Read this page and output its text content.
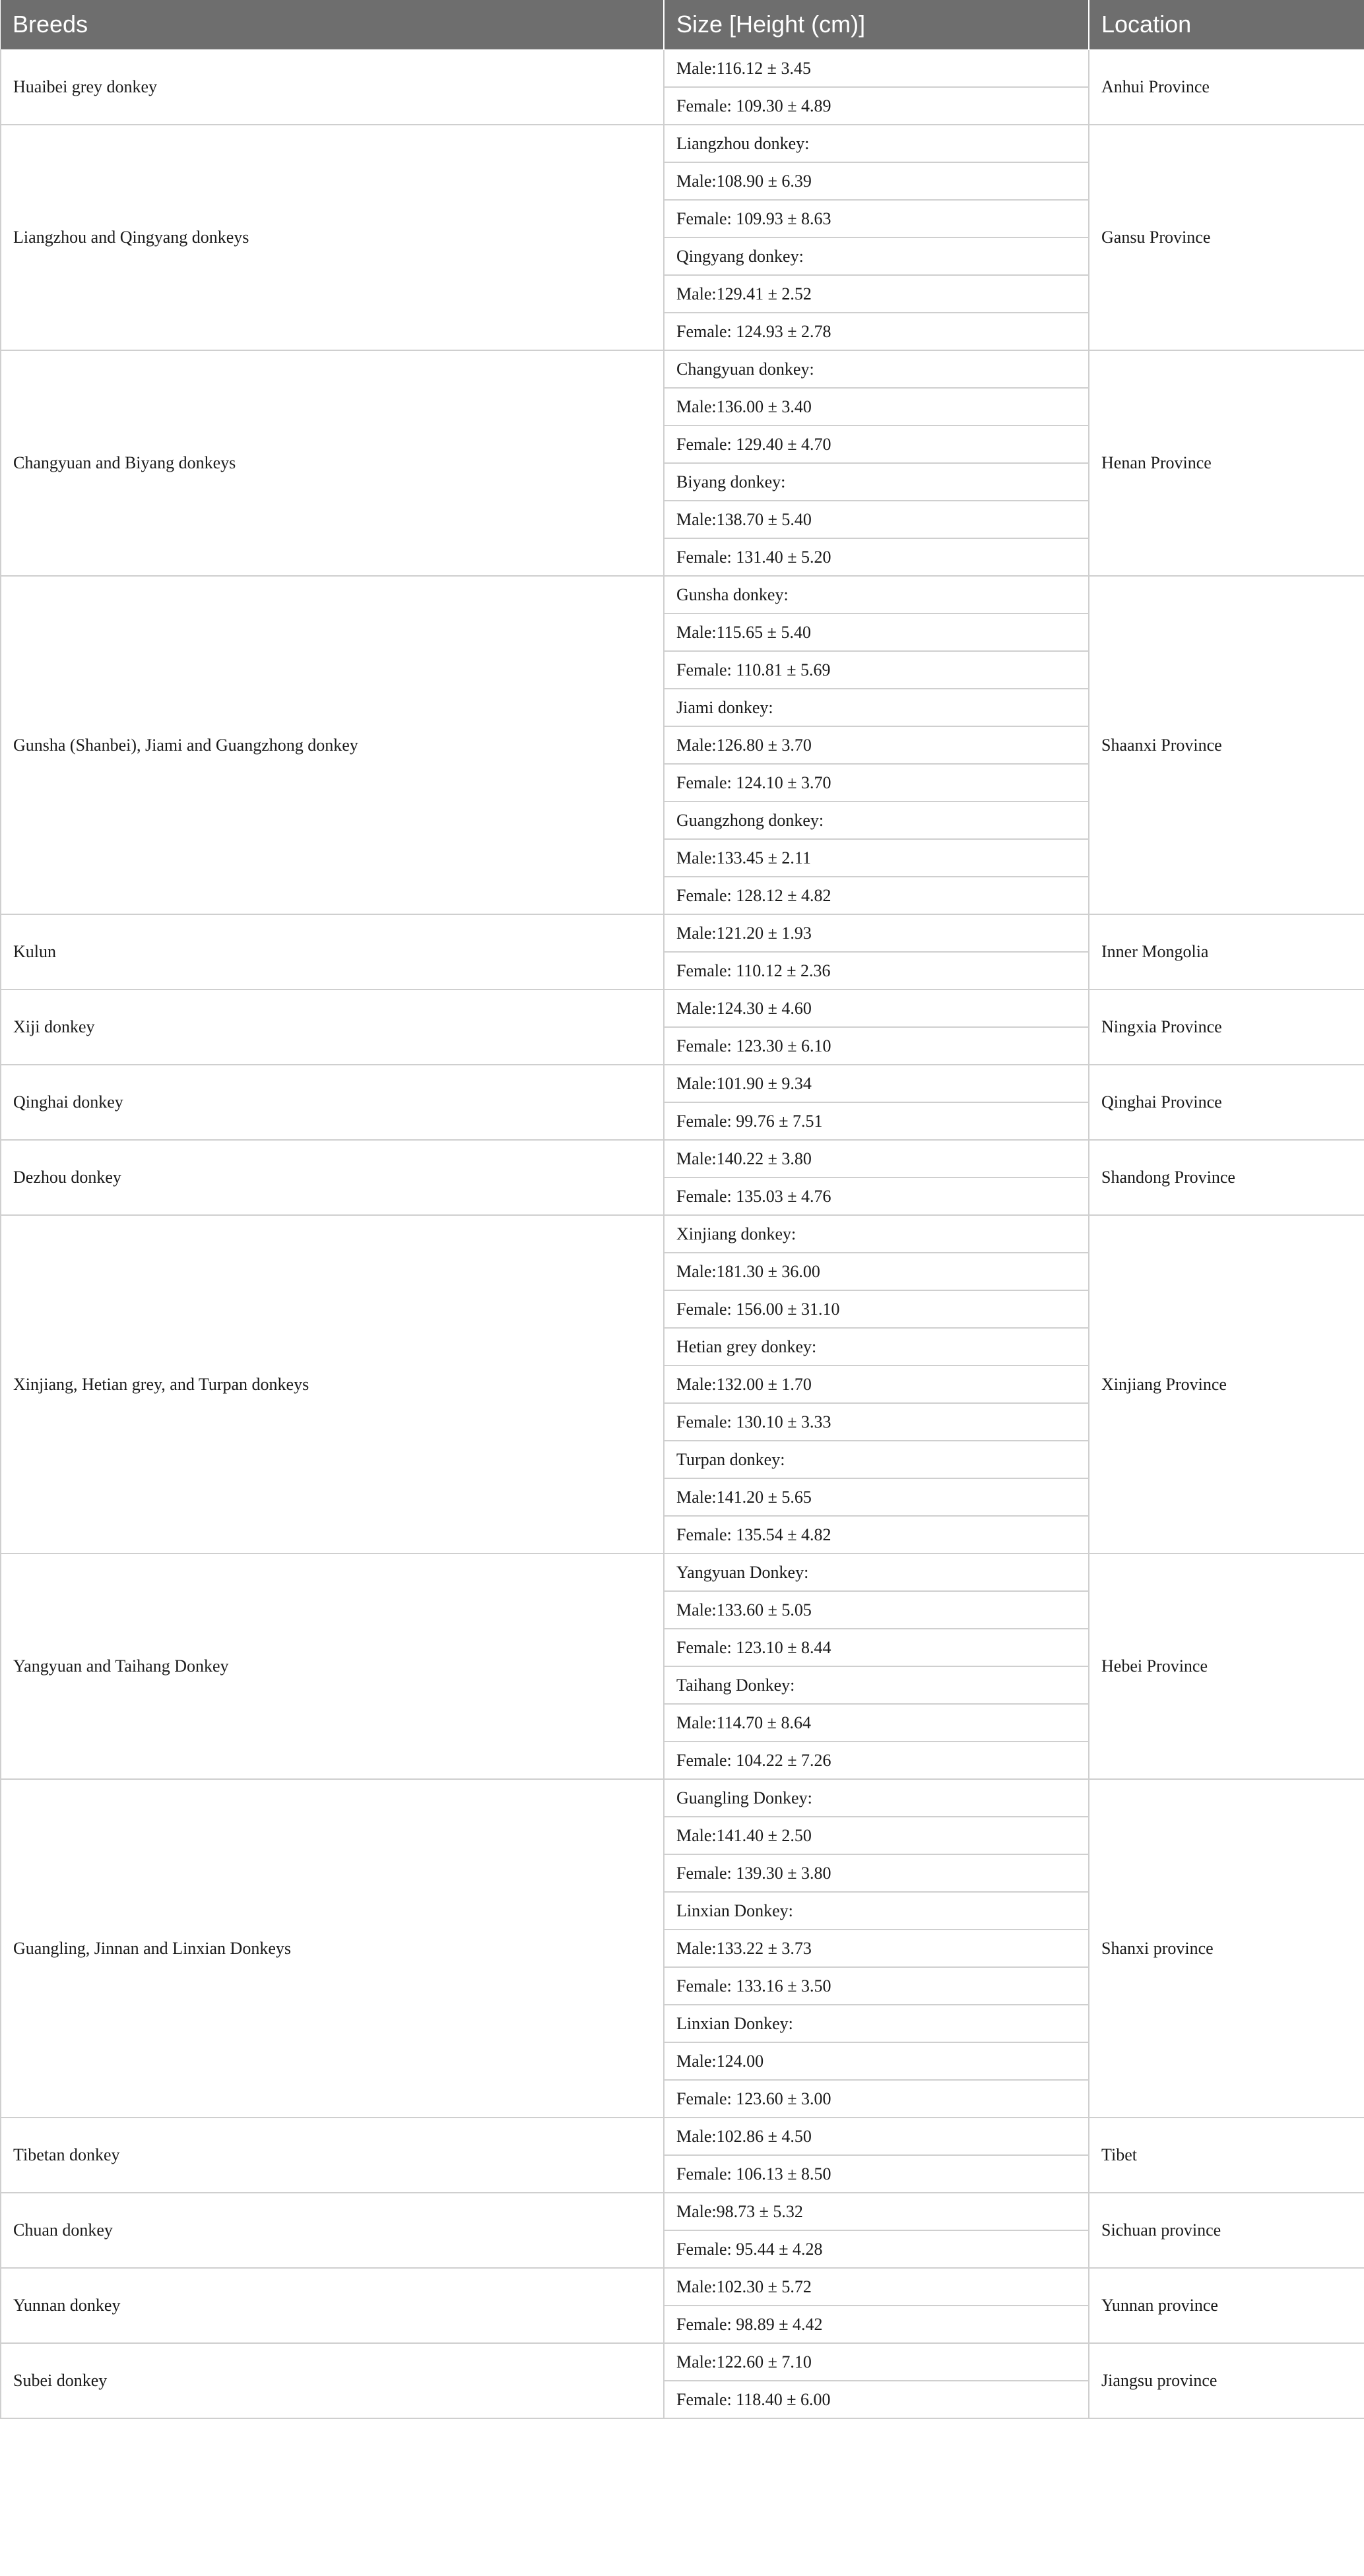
Breeds	Size [Height (cm)]	Location
Huaibei grey donkey	Male:116.12 ± 3.45	Anhui Province
	Female: 109.30 ± 4.89	
Liangzhou and Qingyang donkeys	Liangzhou donkey:	Gansu Province
	Male:108.90 ± 6.39	
	Female: 109.93 ± 8.63	
	Qingyang donkey:	
	Male:129.41 ± 2.52	
	Female: 124.93 ± 2.78	
Changyuan and Biyang donkeys	Changyuan donkey:	Henan Province
	Male:136.00 ± 3.40	
	Female: 129.40 ± 4.70	
	Biyang donkey:	
	Male:138.70 ± 5.40	
	Female: 131.40 ± 5.20	
Gunsha (Shanbei), Jiami and Guangzhong donkey	Gunsha donkey:	Shaanxi Province
	Male:115.65 ± 5.40	
	Female: 110.81 ± 5.69	
	Jiami donkey:	
	Male:126.80 ± 3.70	
	Female: 124.10 ± 3.70	
	Guangzhong donkey:	
	Male:133.45 ± 2.11	
	Female: 128.12 ± 4.82	
Kulun	Male:121.20 ± 1.93	Inner Mongolia
	Female: 110.12 ± 2.36	
Xiji donkey	Male:124.30 ± 4.60	Ningxia Province
	Female: 123.30 ± 6.10	
Qinghai donkey	Male:101.90 ± 9.34	Qinghai Province
	Female: 99.76 ± 7.51	
Dezhou donkey	Male:140.22 ± 3.80	Shandong Province
	Female: 135.03 ± 4.76	
Xinjiang, Hetian grey, and Turpan donkeys	Xinjiang donkey:	Xinjiang Province
	Male:181.30 ± 36.00	
	Female: 156.00 ± 31.10	
	Hetian grey donkey:	
	Male:132.00 ± 1.70	
	Female: 130.10 ± 3.33	
	Turpan donkey:	
	Male:141.20 ± 5.65	
	Female: 135.54 ± 4.82	
Yangyuan and Taihang Donkey	Yangyuan Donkey:	Hebei Province
	Male:133.60 ± 5.05	
	Female: 123.10 ± 8.44	
	Taihang Donkey:	
	Male:114.70 ± 8.64	
	Female: 104.22 ± 7.26	
Guangling, Jinnan and Linxian Donkeys	Guangling Donkey:	Shanxi province
	Male:141.40 ± 2.50	
	Female: 139.30 ± 3.80	
	Linxian Donkey:	
	Male:133.22 ± 3.73	
	Female: 133.16 ± 3.50	
	Linxian Donkey:	
	Male:124.00	
	Female: 123.60 ± 3.00	
Tibetan donkey	Male:102.86 ± 4.50	Tibet
	Female: 106.13 ± 8.50	
Chuan donkey	Male:98.73 ± 5.32	Sichuan province
	Female: 95.44 ± 4.28	
Yunnan donkey	Male:102.30 ± 5.72	Yunnan province
	Female: 98.89 ± 4.42	
Subei donkey	Male:122.60 ± 7.10	Jiangsu province
	Female: 118.40 ± 6.00	
